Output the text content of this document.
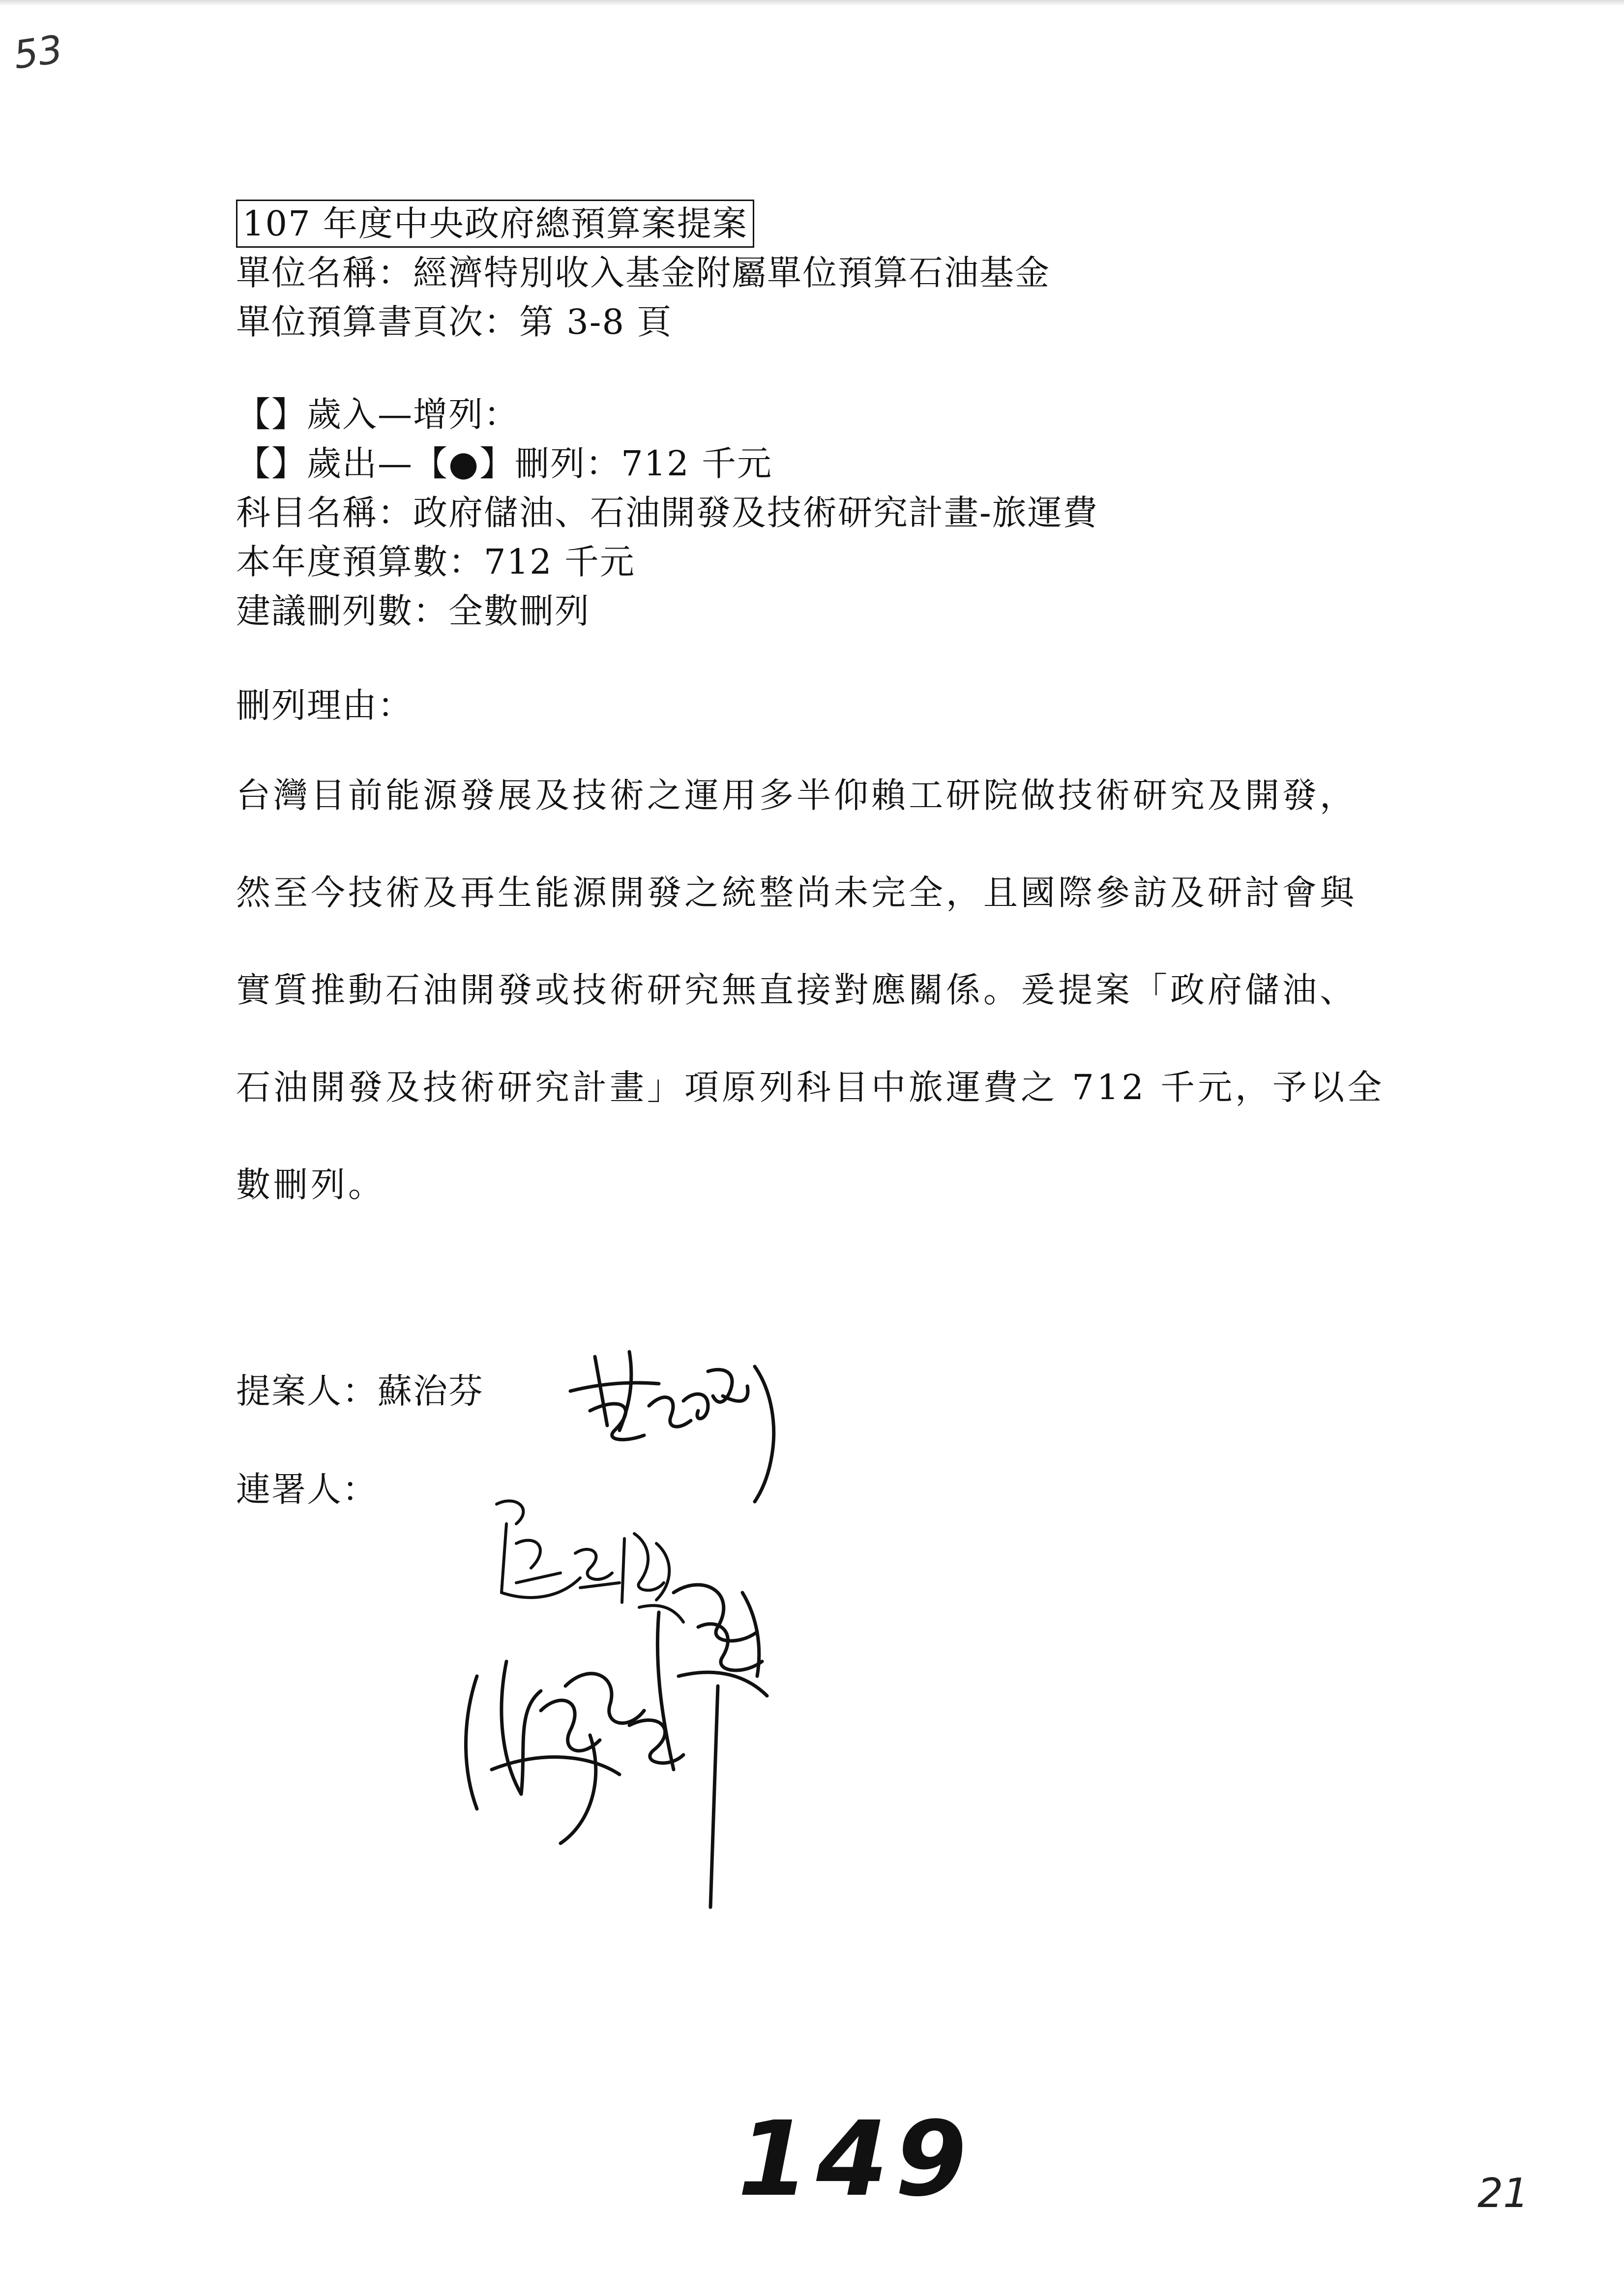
53
107 年度中央政府總預算案提案
單位名稱：經濟特別收入基金附屬單位預算石油基金
單位預算書頁次：第 3-8 頁
【】歲入—增列：
【】歲出—【●】刪列：712 千元
科目名稱：政府儲油、石油開發及技術研究計畫-旅運費
本年度預算數：712 千元
建議刪列數：全數刪列
刪列理由：
台灣目前能源發展及技術之運用多半仰賴工研院做技術研究及開發，
然至今技術及再生能源開發之統整尚未完全，且國際參訪及研討會與
實質推動石油開發或技術研究無直接對應關係。爰提案「政府儲油、
石油開發及技術研究計畫」項原列科目中旅運費之 712 千元，予以全
數刪列。
提案人：蘇治芬
連署人：
149	21
